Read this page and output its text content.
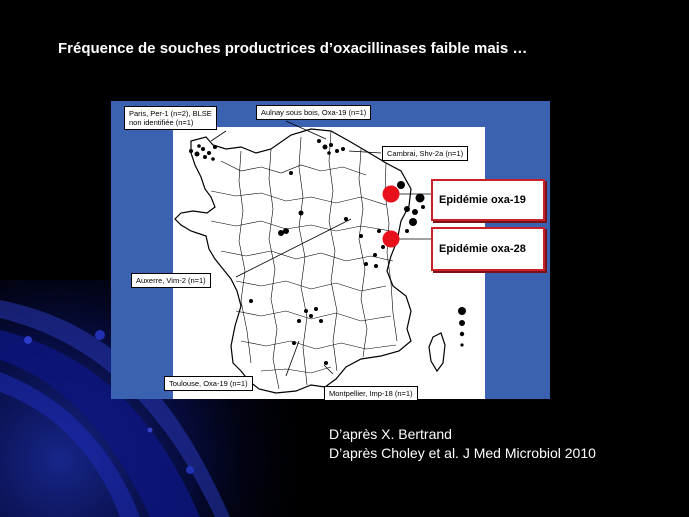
Fréquence de souches productrices d’oxacillinases faible mais …
Paris, Per-1 (n=2), BLSE
non identifiée (n=1)
Aulnay sous bois, Oxa-19 (n=1)
Cambrai, Shv-2a (n=1)
Auxerre, Vim-2 (n=1)
Toulouse, Oxa-19 (n=1)
Montpellier, Imp-18 (n=1)
Epidémie oxa-19
Epidémie oxa-28
4
3
2
1
D’après X. Bertrand
D’après Choley et al. J Med Microbiol 2010
